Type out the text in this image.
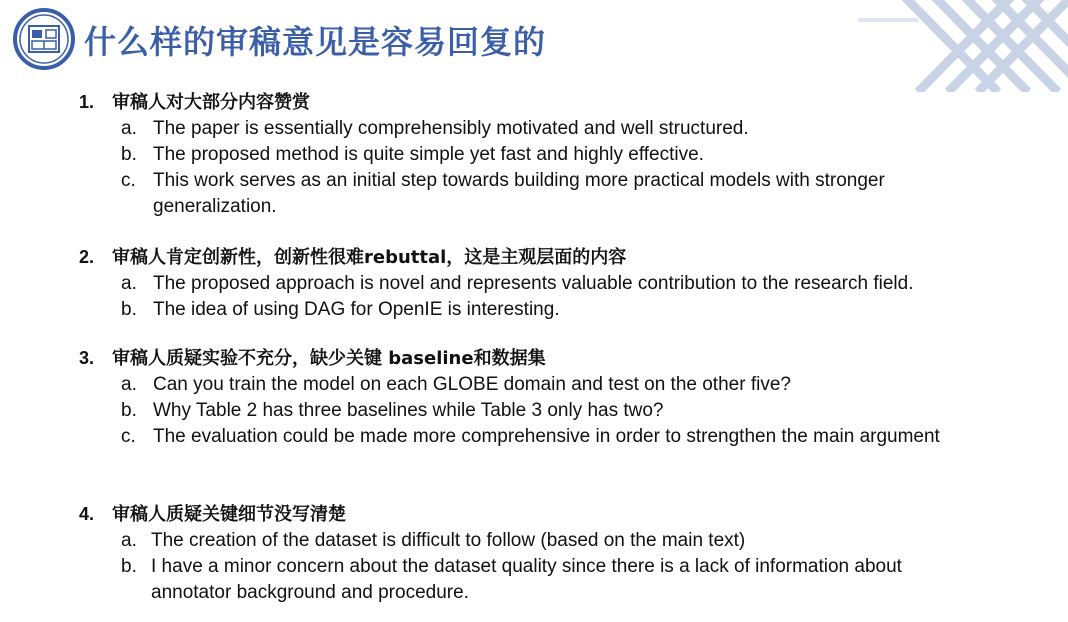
什么样的审稿意见是容易回复的
1. 审稿人对大部分内容赞赏
a. The paper is essentially comprehensibly motivated and well structured.
b. The proposed method is quite simple yet fast and highly effective.
c. This work serves as an initial step towards building more practical models with stronger generalization.
2. 审稿人肯定创新性，创新性很难rebuttal，这是主观层面的内容
a. The proposed approach is novel and represents valuable contribution to the research field.
b. The idea of using DAG for OpenIE is interesting.
3. 审稿人质疑实验不充分，缺少关键 baseline和数据集
a. Can you train the model on each GLOBE domain and test on the other five?
b. Why Table 2 has three baselines while Table 3 only has two?
c. The evaluation could be made more comprehensive in order to strengthen the main argument
4. 审稿人质疑关键细节没写清楚
a. The creation of the dataset is difficult to follow (based on the main text)
b. I have a minor concern about the dataset quality since there is a lack of information about annotator background and procedure.
